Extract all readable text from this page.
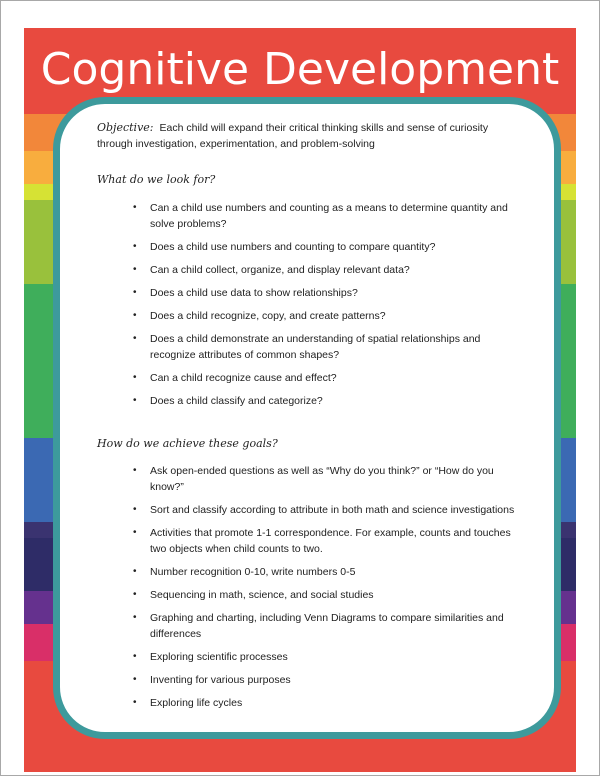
Cognitive Development

Objective: Each child will expand their critical thinking skills and sense of curiosity through investigation, experimentation, and problem-solving

What do we look for?

• Can a child use numbers and counting as a means to determine quantity and solve problems?
• Does a child use numbers and counting to compare quantity?
• Can a child collect, organize, and display relevant data?
• Does a child use data to show relationships?
• Does a child recognize, copy, and create patterns?
• Does a child demonstrate an understanding of spatial relationships and recognize attributes of common shapes?
• Can a child recognize cause and effect?
• Does a child classify and categorize?

How do we achieve these goals?

• Ask open-ended questions as well as “Why do you think?” or “How do you know?”
• Sort and classify according to attribute in both math and science investigations
• Activities that promote 1-1 correspondence. For example, counts and touches two objects when child counts to two.
• Number recognition 0-10, write numbers 0-5
• Sequencing in math, science, and social studies
• Graphing and charting, including Venn Diagrams to compare similarities and differences
• Exploring scientific processes
• Inventing for various purposes
• Exploring life cycles
